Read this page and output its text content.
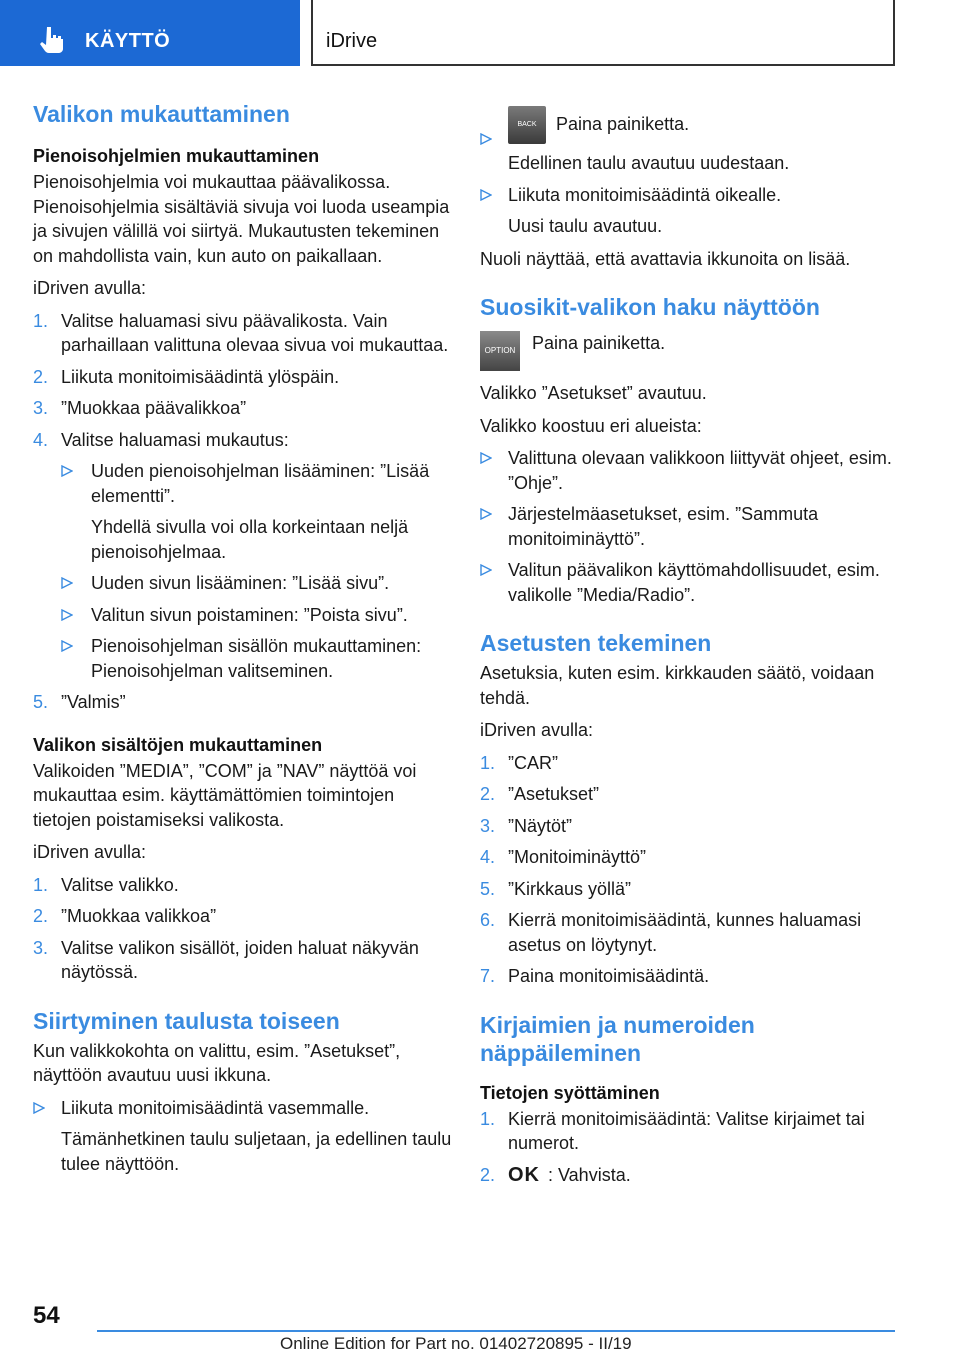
KÄYTTÖ	iDrive
Valikon mukauttaminen
Pienoisohjelmien mukauttaminen

Pienoisohjelmia voi mukauttaa päävalikossa. Pienoisohjelmia sisältäviä sivuja voi luoda useampia ja sivujen välillä voi siirtyä. Mukautusten tekeminen on mahdollista vain, kun auto on paikallaan.

iDriven avulla:

1. Valitse haluamasi sivu päävalikosta. Vain parhaillaan valittuna olevaa sivua voi mukauttaa.
2. Liikuta monitoimisäädintä ylöspäin.
3. ”Muokkaa päävalikkoa”
4. Valitse haluamasi mukautus:
Uuden pienoisohjelman lisääminen: ”Lisää elementti”.
Yhdellä sivulla voi olla korkeintaan neljä pienoisohjelmaa.
Uuden sivun lisääminen: ”Lisää sivu”.
Valitun sivun poistaminen: ”Poista sivu”.
Pienoisohjelman sisällön mukauttaminen: Pienoisohjelman valitseminen.
5. ”Valmis”
Valikon sisältöjen mukauttaminen

Valikoiden ”MEDIA”, ”COM” ja ”NAV” näyttöä voi mukauttaa esim. käyttämättömien toimintojen tietojen poistamiseksi valikosta.

iDriven avulla:

1. Valitse valikko.
2. ”Muokkaa valikkoa”
3. Valitse valikon sisällöt, joiden haluat näkyvän näytössä.
Siirtyminen taulusta toiseen

Kun valikkokohta on valittu, esim. ”Asetukset”, näyttöön avautuu uusi ikkuna.

Liikuta monitoimisäädintä vasemmalle.
Tämänhetkinen taulu suljetaan, ja edellinen taulu tulee näyttöön.
BACK Paina painiketta.
Edellinen taulu avautuu uudestaan.
Liikuta monitoimisäädintä oikealle.
Uusi taulu avautuu.

Nuoli näyttää, että avattavia ikkunoita on lisää.

Suosikit-valikon haku näyttöön
OPTION Paina painiketta.

Valikko ”Asetukset” avautuu.

Valikko koostuu eri alueista:

Valittuna olevaan valikkoon liittyvät ohjeet, esim. ”Ohje”.
Järjestelmäasetukset, esim. ”Sammuta monitoiminäyttö”.
Valitun päävalikon käyttömahdollisuudet, esim. valikolle ”Media/Radio”.
Asetusten tekeminen

Asetuksia, kuten esim. kirkkauden säätö, voidaan tehdä.

iDriven avulla:

1. ”CAR”
2. ”Asetukset”
3. ”Näytöt”
4. ”Monitoiminäyttö”
5. ”Kirkkaus yöllä”
6. Kierrä monitoimisäädintä, kunnes haluamasi asetus on löytynyt.
7. Paina monitoimisäädintä.
Kirjaimien ja numeroiden näppäileminen
Tietojen syöttäminen
1. Kierrä monitoimisäädintä: Valitse kirjaimet tai numerot.
2. OK : Vahvista.
54
Online Edition for Part no. 01402720895 - II/19
